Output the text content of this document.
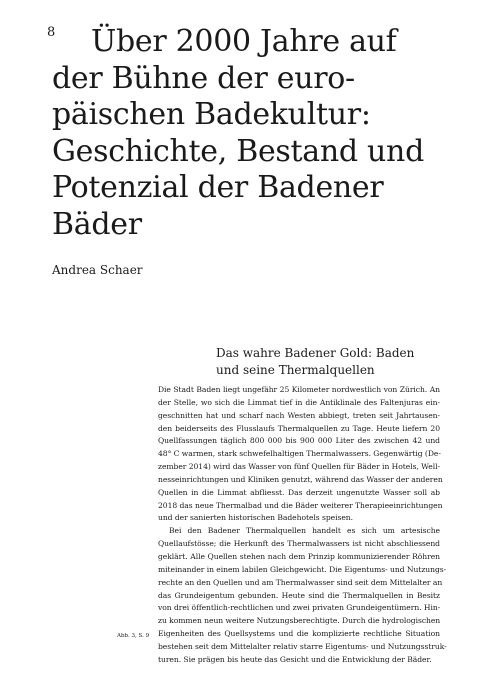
8	Über 2000 Jahre auf
der Bühne der euro-
päischen Badekultur:
Geschichte, Bestand und
Potenzial der Badener
Bäder
Andrea Schaer
Das wahre Badener Gold: Baden
und seine Thermalquellen
Die Stadt Baden liegt ungefähr 25 Kilometer nordwestlich von Zürich. An
der Stelle, wo sich die Limmat tief in die Antiklinale des Faltenjuras ein-
geschnitten hat und scharf nach Westen abbiegt, treten seit Jahrtausen-
den beiderseits des Flusslaufs Thermalquellen zu Tage. Heute liefern 20
Quellfassungen täglich 800 000 bis 900 000 Liter des zwischen 42 und
48° C warmen, stark schwefelhaltigen Thermalwassers. Gegenwärtig (De-
zember 2014) wird das Wasser von fünf Quellen für Bäder in Hotels, Well-
nesseinrichtungen und Kliniken genutzt, während das Wasser der anderen
Quellen in die Limmat abfliesst. Das derzeit ungenutzte Wasser soll ab
2018 das neue Thermalbad und die Bäder weiterer Therapieeinrichtungen
und der sanierten historischen Badehotels speisen.
Bei den Badener Thermalquellen handelt es sich um artesische
Quellaufstösse; die Herkunft des Thermalwassers ist nicht abschliessend
geklärt. Alle Quellen stehen nach dem Prinzip kommunizierender Röhren
miteinander in einem labilen Gleichgewicht. Die Eigentums- und Nutzungs-
rechte an den Quellen und am Thermalwasser sind seit dem Mittelalter an
das Grundeigentum gebunden. Heute sind die Thermalquellen in Besitz
von drei öffentlich-rechtlichen und zwei privaten Grundeigentümern. Hin-
zu kommen neun weitere Nutzungsberechtigte. Durch die hydrologischen
Eigenheiten des Quellsystems und die komplizierte rechtliche Situation
bestehen seit dem Mittelalter relativ starre Eigentums- und Nutzungsstruk-
turen. Sie prägen bis heute das Gesicht und die Entwicklung der Bäder.
Abb. 3, S. 9
